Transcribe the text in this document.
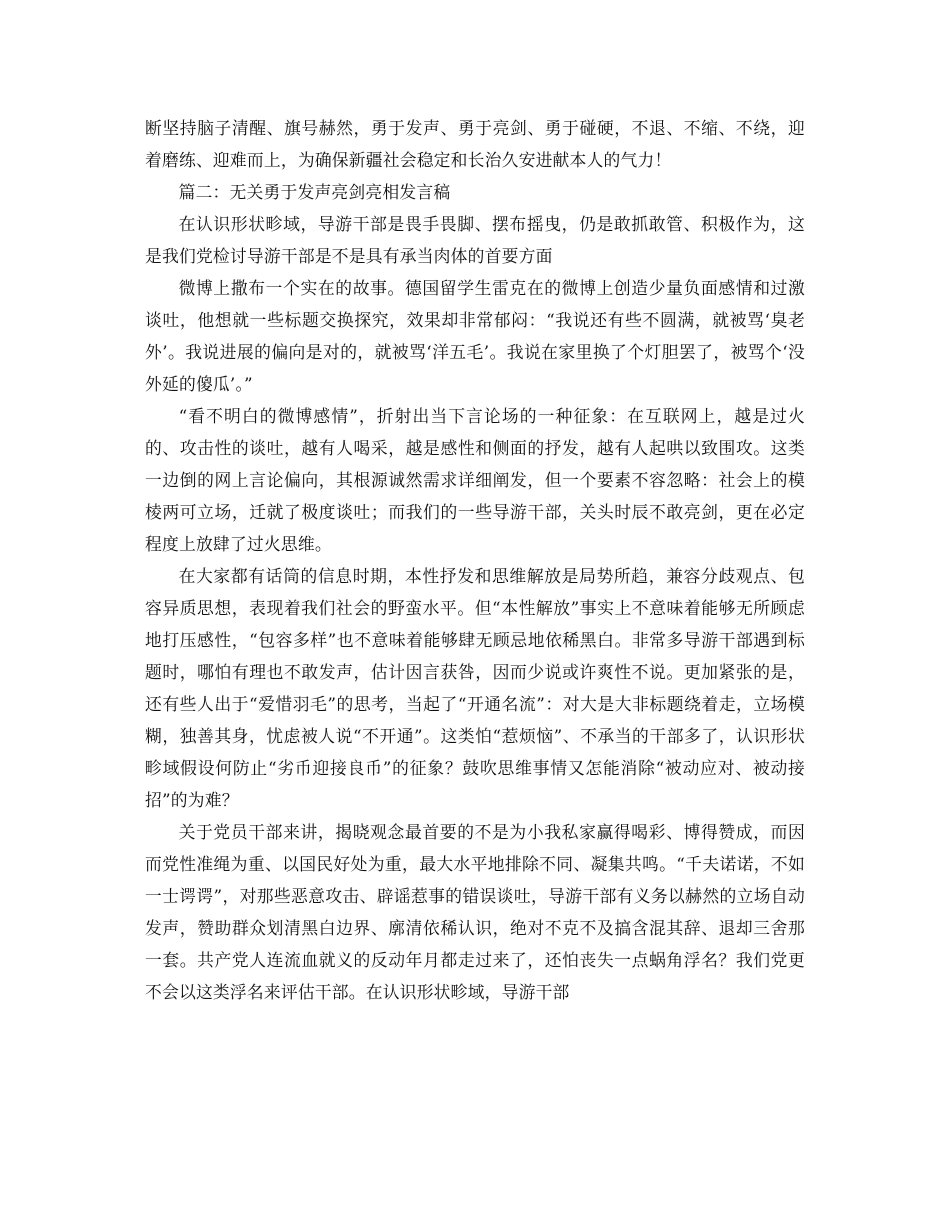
断坚持脑子清醒、旗号赫然，勇于发声、勇于亮剑、勇于碰硬，不退、不缩、不绕，迎着磨练、迎难而上，为确保新疆社会稳定和长治久安进献本人的气力！

篇二：无关勇于发声亮剑亮相发言稿

在认识形状畛域，导游干部是畏手畏脚、摆布摇曳，仍是敢抓敢管、积极作为，这是我们党检讨导游干部是不是具有承当肉体的首要方面

微博上撒布一个实在的故事。德国留学生雷克在的微博上创造少量负面感情和过激谈吐，他想就一些标题交换探究，效果却非常郁闷：“我说还有些不圆满，就被骂‘臭老外’。我说进展的偏向是对的，就被骂‘洋五毛’。我说在家里换了个灯胆罢了，被骂个‘没外延的傻瓜’。”

“看不明白的微博感情”，折射出当下言论场的一种征象：在互联网上，越是过火的、攻击性的谈吐，越有人喝采，越是感性和侧面的抒发，越有人起哄以致围攻。这类一边倒的网上言论偏向，其根源诚然需求详细阐发，但一个要素不容忽略：社会上的模棱两可立场，迁就了极度谈吐；而我们的一些导游干部，关头时辰不敢亮剑，更在必定程度上放肆了过火思维。

在大家都有话筒的信息时期，本性抒发和思维解放是局势所趋，兼容分歧观点、包容异质思想，表现着我们社会的野蛮水平。但“本性解放”事实上不意味着能够无所顾虑地打压感性，“包容多样”也不意味着能够肆无顾忌地依稀黑白。非常多导游干部遇到标题时，哪怕有理也不敢发声，估计因言获咎，因而少说或许爽性不说。更加紧张的是，还有些人出于“爱惜羽毛”的思考，当起了“开通名流”：对大是大非标题绕着走，立场模糊，独善其身，忧虑被人说“不开通”。这类怕“惹烦恼”、不承当的干部多了，认识形状畛域假设何防止“劣币迎接良币”的征象？鼓吹思维事情又怎能消除“被动应对、被动接招”的为难？

关于党员干部来讲，揭晓观念最首要的不是为小我私家赢得喝彩、博得赞成，而因而党性准绳为重、以国民好处为重，最大水平地排除不同、凝集共鸣。“千夫诺诺，不如一士谔谔”，对那些恶意攻击、辟谣惹事的错误谈吐，导游干部有义务以赫然的立场自动发声，赞助群众划清黑白边界、廓清依稀认识，绝对不克不及搞含混其辞、退却三舍那一套。共产党人连流血就义的反动年月都走过来了，还怕丧失一点蜗角浮名？我们党更不会以这类浮名来评估干部。在认识形状畛域，导游干部
